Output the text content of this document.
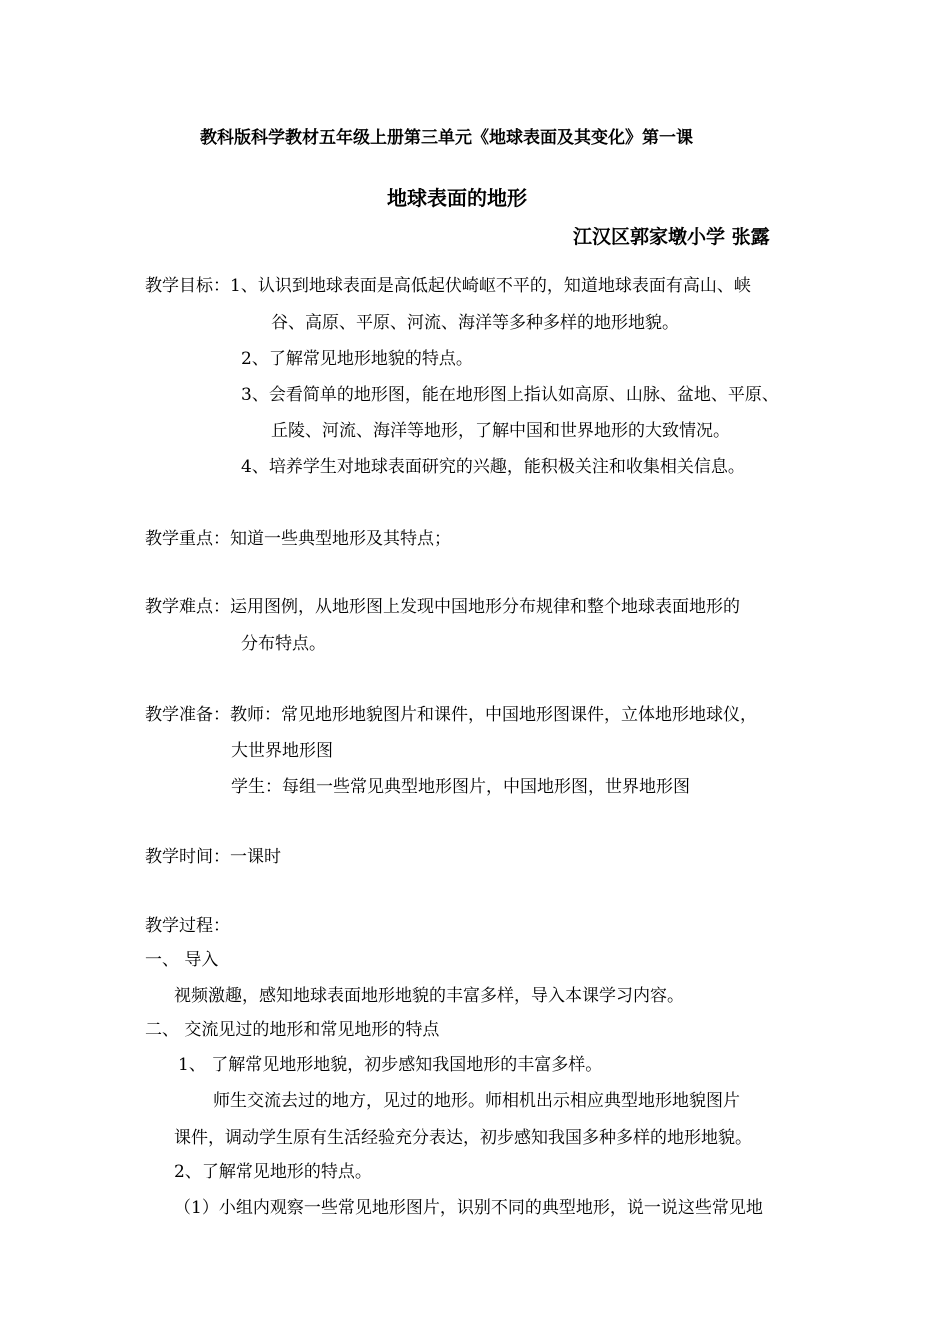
教科版科学教材五年级上册第三单元《地球表面及其变化》第一课
地球表面的地形
江汉区郭家墩小学 张露
教学目标：1、认识到地球表面是高低起伏崎岖不平的，知道地球表面有高山、峡
谷、高原、平原、河流、海洋等多种多样的地形地貌。
2、了解常见地形地貌的特点。
3、会看简单的地形图，能在地形图上指认如高原、山脉、盆地、平原、
丘陵、河流、海洋等地形，了解中国和世界地形的大致情况。
4、培养学生对地球表面研究的兴趣，能积极关注和收集相关信息。
教学重点：知道一些典型地形及其特点；
教学难点：运用图例，从地形图上发现中国地形分布规律和整个地球表面地形的
分布特点。
教学准备：教师：常见地形地貌图片和课件，中国地形图课件，立体地形地球仪，
大世界地形图
学生：每组一些常见典型地形图片，中国地形图，世界地形图
教学时间：一课时
教学过程：
一、 导入
视频激趣，感知地球表面地形地貌的丰富多样，导入本课学习内容。
二、 交流见过的地形和常见地形的特点
1、 了解常见地形地貌，初步感知我国地形的丰富多样。
师生交流去过的地方，见过的地形。师相机出示相应典型地形地貌图片
课件，调动学生原有生活经验充分表达，初步感知我国多种多样的地形地貌。
2、了解常见地形的特点。
（1）小组内观察一些常见地形图片，识别不同的典型地形，说一说这些常见地
